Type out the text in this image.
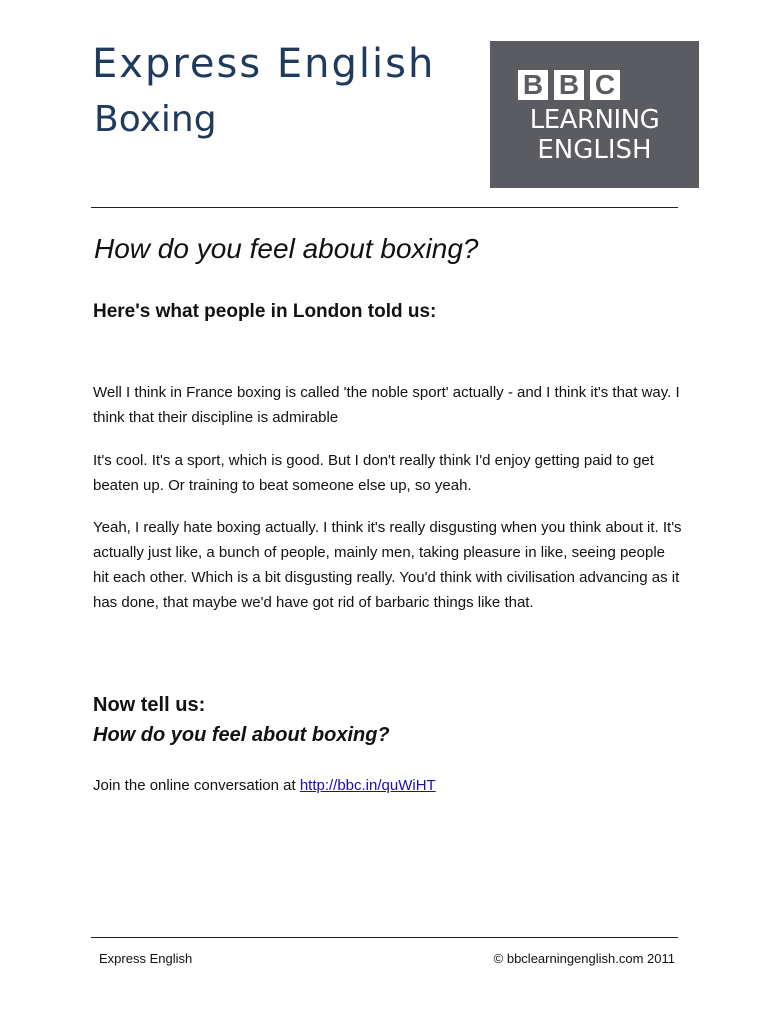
Express English
Boxing
B B C
LEARNING
ENGLISH
How do you feel about boxing?
Here's what people in London told us:

Well I think in France boxing is called 'the noble sport' actually - and I think it's that way. I think that their discipline is admirable

It's cool. It's a sport, which is good. But I don't really think I'd enjoy getting paid to get beaten up. Or training to beat someone else up, so yeah.

Yeah, I really hate boxing actually. I think it's really disgusting when you think about it. It's actually just like, a bunch of people, mainly men, taking pleasure in like, seeing people hit each other. Which is a bit disgusting really. You'd think with civilisation advancing as it has done, that maybe we'd have got rid of barbaric things like that.

Now tell us:
How do you feel about boxing?

Join the online conversation at http://bbc.in/quWiHT

Express English	© bbclearningenglish.com 2011
